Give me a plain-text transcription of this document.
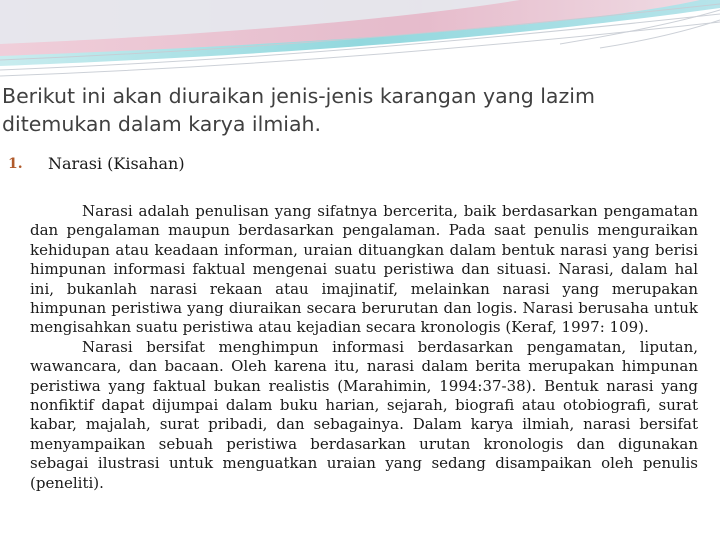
Berikut ini akan diuraikan jenis-jenis karangan yang lazim ditemukan dalam karya ilmiah.
1. Narasi (Kisahan)

Narasi adalah penulisan yang sifatnya bercerita, baik berdasarkan pengamatan dan pengalaman maupun berdasarkan pengalaman. Pada saat penulis menguraikan kehidupan atau keadaan informan, uraian dituangkan dalam bentuk narasi yang berisi himpunan informasi faktual mengenai suatu peristiwa dan situasi. Narasi, dalam hal ini, bukanlah narasi rekaan atau imajinatif, melainkan narasi yang merupakan himpunan peristiwa yang diuraikan secara berurutan dan logis. Narasi berusaha untuk mengisahkan suatu peristiwa atau kejadian secara kronologis (Keraf, 1997: 109).

Narasi bersifat menghimpun informasi berdasarkan pengamatan, liputan, wawancara, dan bacaan. Oleh karena itu, narasi dalam berita merupakan himpunan peristiwa yang faktual bukan realistis (Marahimin, 1994:37-38). Bentuk narasi yang nonfiktif dapat dijumpai dalam buku harian, sejarah, biografi atau otobiografi, surat kabar, majalah, surat pribadi, dan sebagainya. Dalam karya ilmiah, narasi bersifat menyampaikan sebuah peristiwa berdasarkan urutan kronologis dan digunakan sebagai ilustrasi untuk menguatkan uraian yang sedang disampaikan oleh penulis (peneliti).
